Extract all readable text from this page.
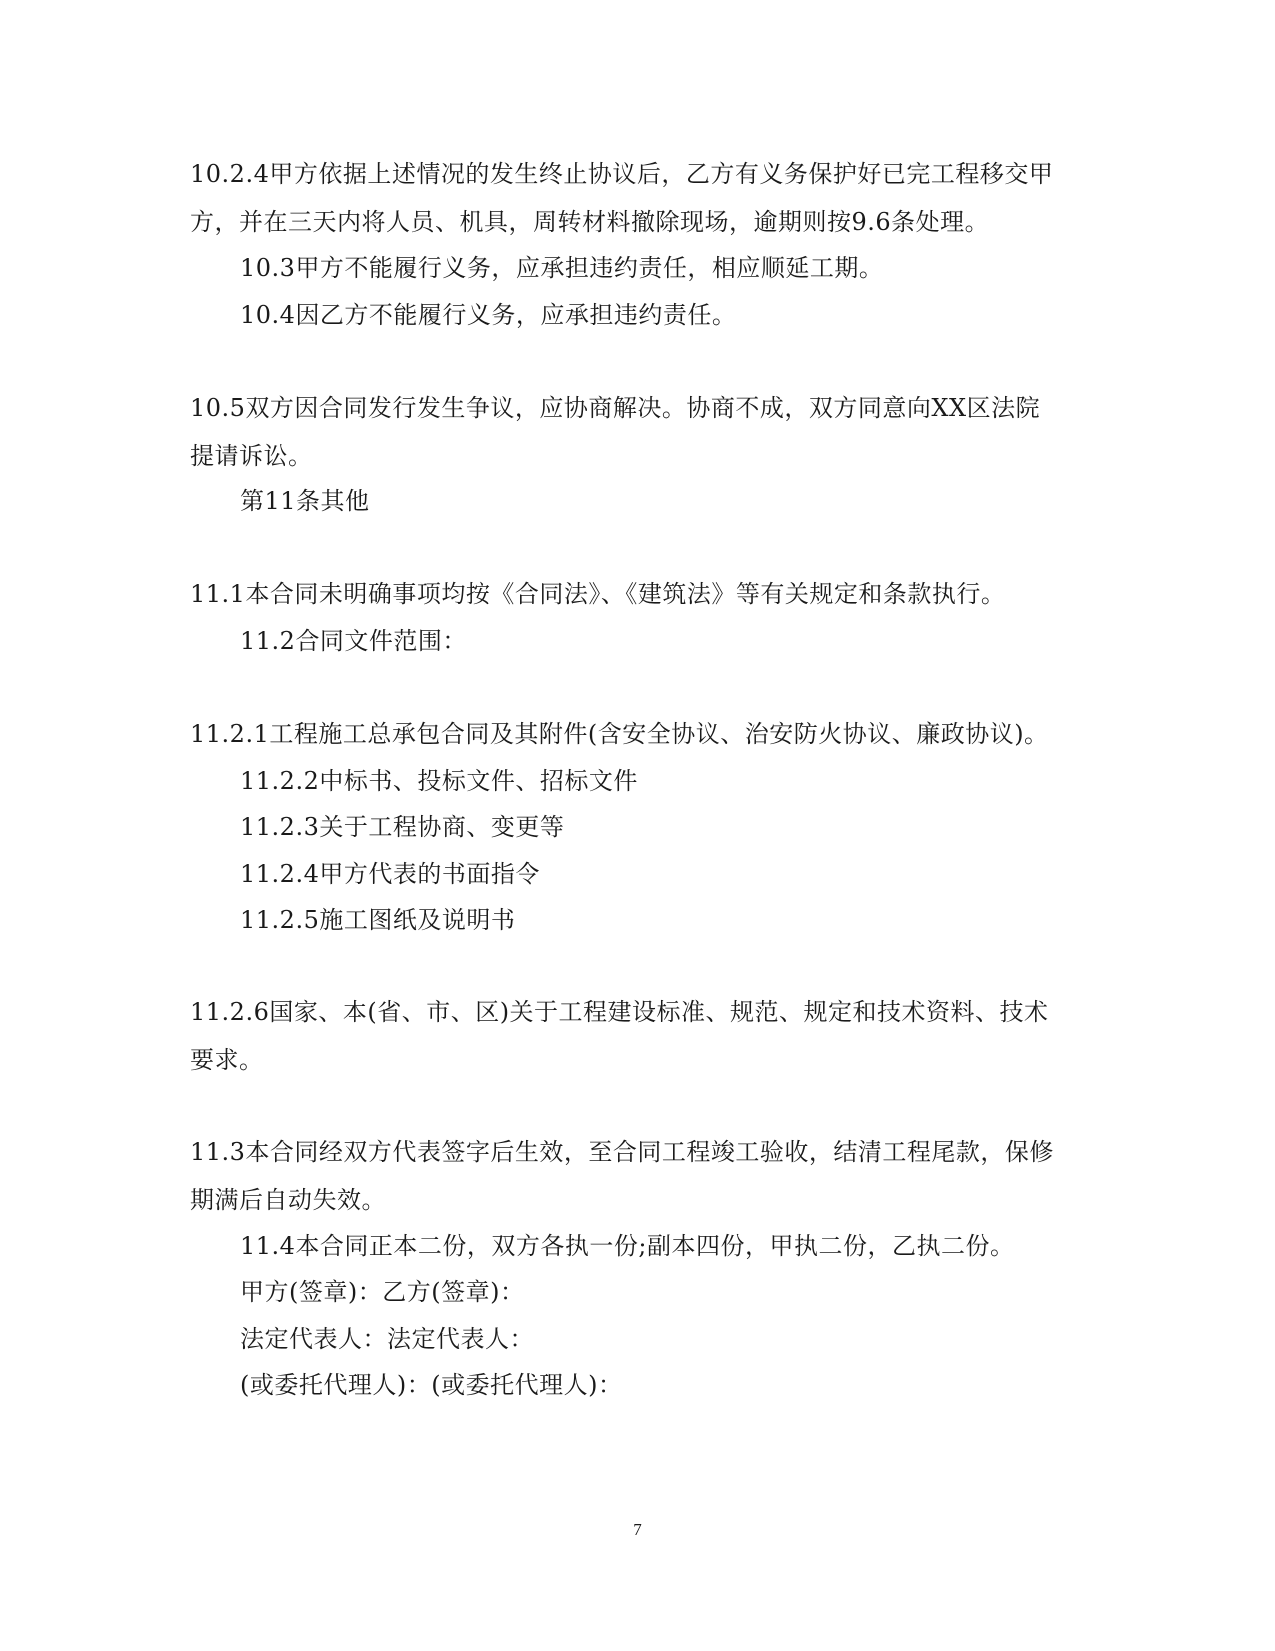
10.2.4甲方依据上述情况的发生终止协议后，乙方有义务保护好已完工程移交甲方，并在三天内将人员、机具，周转材料撤除现场，逾期则按9.6条处理。
10.3甲方不能履行义务，应承担违约责任，相应顺延工期。
10.4因乙方不能履行义务，应承担违约责任。
10.5双方因合同发行发生争议，应协商解决。协商不成，双方同意向XX区法院提请诉讼。
第11条其他
11.1本合同未明确事项均按《合同法》、《建筑法》等有关规定和条款执行。
11.2合同文件范围：
11.2.1工程施工总承包合同及其附件(含安全协议、治安防火协议、廉政协议)。
11.2.2中标书、投标文件、招标文件
11.2.3关于工程协商、变更等
11.2.4甲方代表的书面指令
11.2.5施工图纸及说明书
11.2.6国家、本(省、市、区)关于工程建设标准、规范、规定和技术资料、技术要求。
11.3本合同经双方代表签字后生效，至合同工程竣工验收，结清工程尾款，保修期满后自动失效。
11.4本合同正本二份，双方各执一份;副本四份，甲执二份，乙执二份。
甲方(签章)：乙方(签章)：
法定代表人：法定代表人：
(或委托代理人)：(或委托代理人)：
7
